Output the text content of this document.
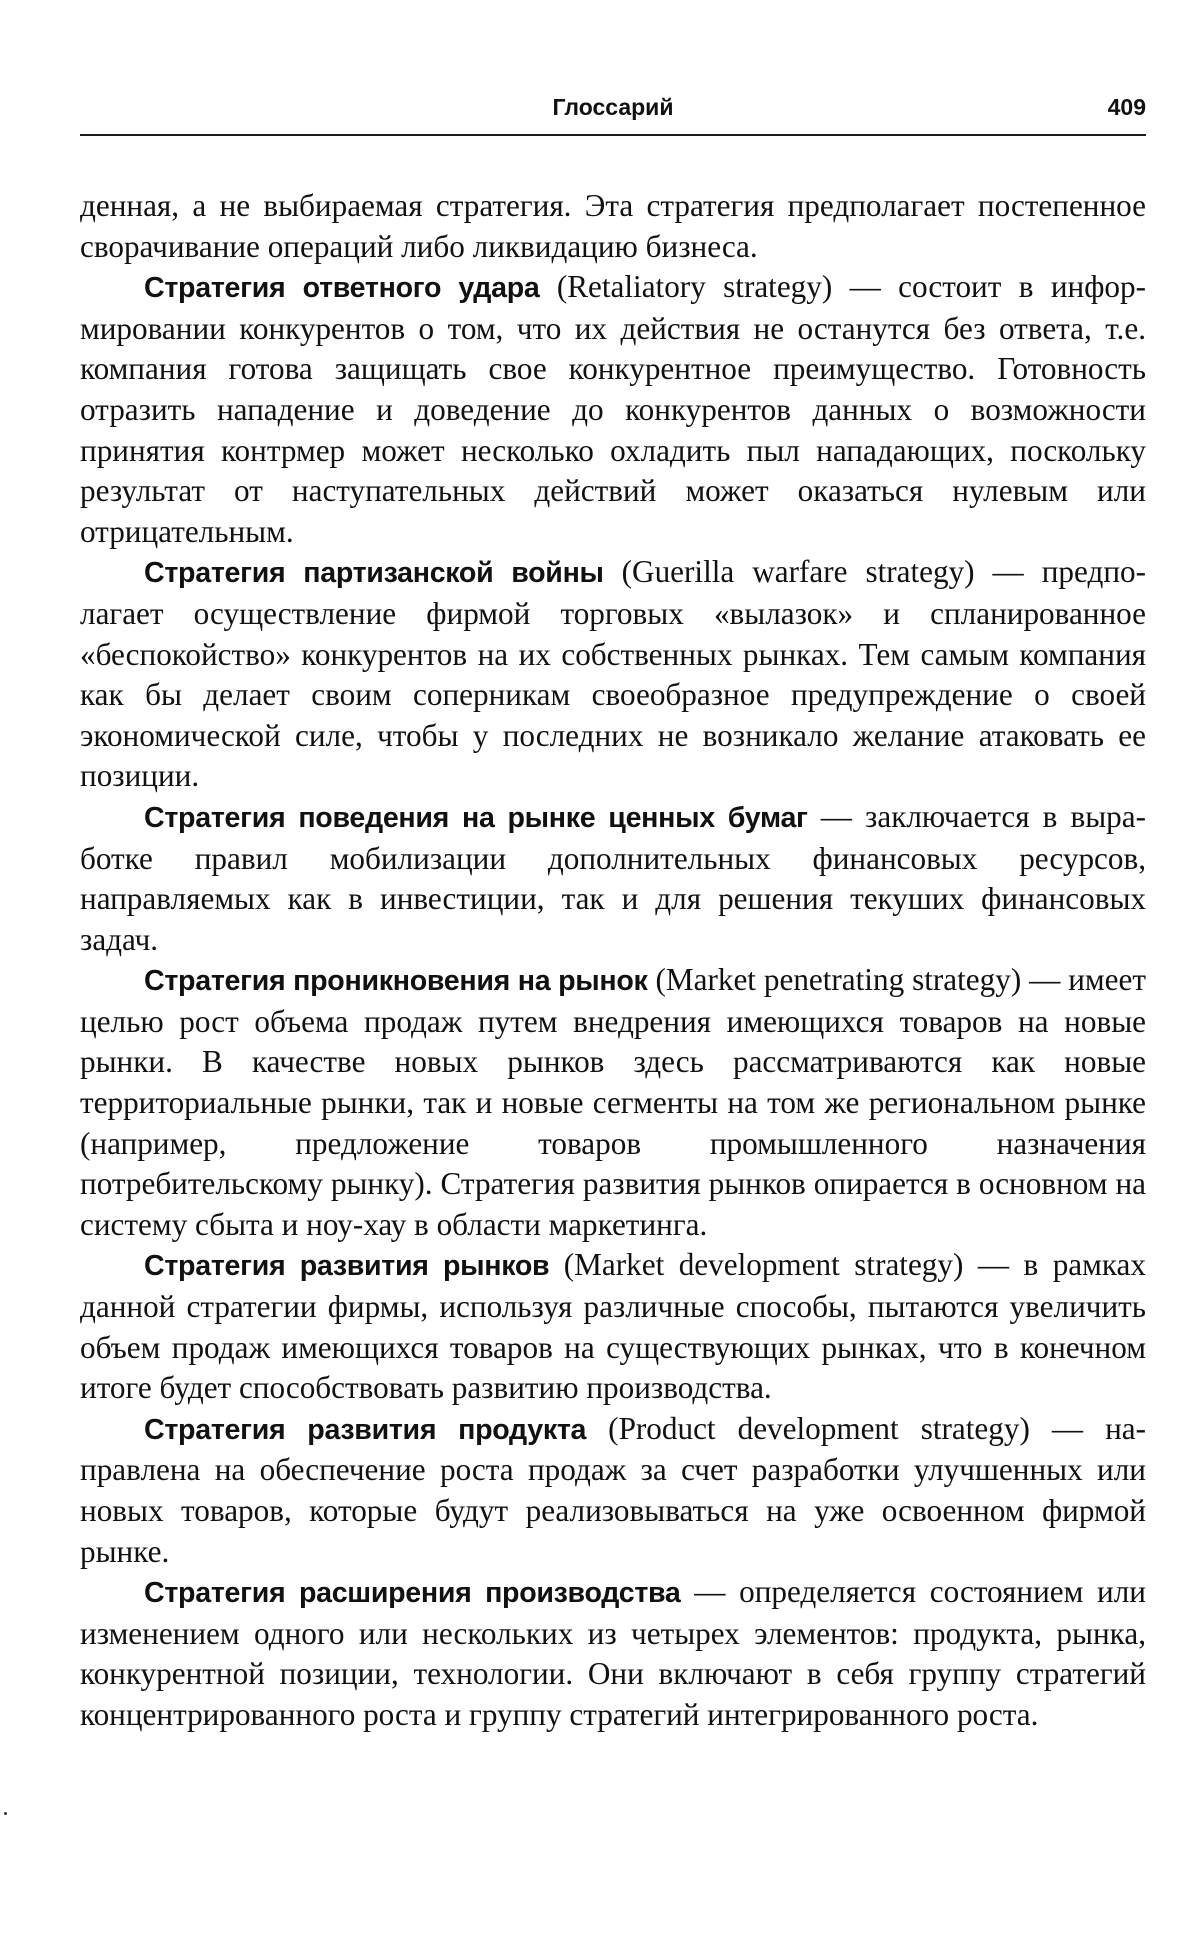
Глоссарий	409

денная, а не выбираемая стратегия. Эта стратегия предполагает постепенное сворачивание операций либо ликвидацию бизнеса.

Стратегия ответного удара (Retaliatory strategy) — состоит в информировании конкурентов о том, что их действия не останутся без ответа, т.е. компания готова защищать свое конкурентное преимущество. Готовность отразить нападение и доведение до конкурентов данных о возможности принятия контрмер может несколько охладить пыл нападающих, поскольку результат от наступательных действий может оказаться нулевым или отрицательным.

Стратегия партизанской войны (Guerilla warfare strategy) — предполагает осуществление фирмой торговых «вылазок» и спланированное «беспокойство» конкурентов на их собственных рынках. Тем самым компания как бы делает своим соперникам своеобразное предупреждение о своей экономической силе, чтобы у последних не возникало желание атаковать ее позиции.

Стратегия поведения на рынке ценных бумаг — заключается в выработке правил мобилизации дополнительных финансовых ресурсов, направляемых как в инвестиции, так и для решения текуших финансовых задач.

Стратегия проникновения на рынок (Market penetrating strategy) — имеет целью рост объема продаж путем внедрения имеющихся товаров на новые рынки. В качестве новых рынков здесь рассматриваются как новые территориальные рынки, так и новые сегменты на том же региональном рынке (например, предложение товаров промышленного назначения потребительскому рынку). Стратегия развития рынков опирается в основном на систему сбыта и ноу-хау в области маркетинга.

Стратегия развития рынков (Market development strategy) — в рамках данной стратегии фирмы, используя различные способы, пытаются увеличить объем продаж имеющихся товаров на существующих рынках, что в конечном итоге будет способствовать развитию производства.

Стратегия развития продукта (Product development strategy) — направлена на обеспечение роста продаж за счет разработки улучшенных или новых товаров, которые будут реализовываться на уже освоенном фирмой рынке.

Стратегия расширения производства — определяется состоянием или изменением одного или нескольких из четырех элементов: продукта, рынка, конкурентной позиции, технологии. Они включают в себя группу стратегий концентрированного роста и группу стратегий интегрированного роста.
